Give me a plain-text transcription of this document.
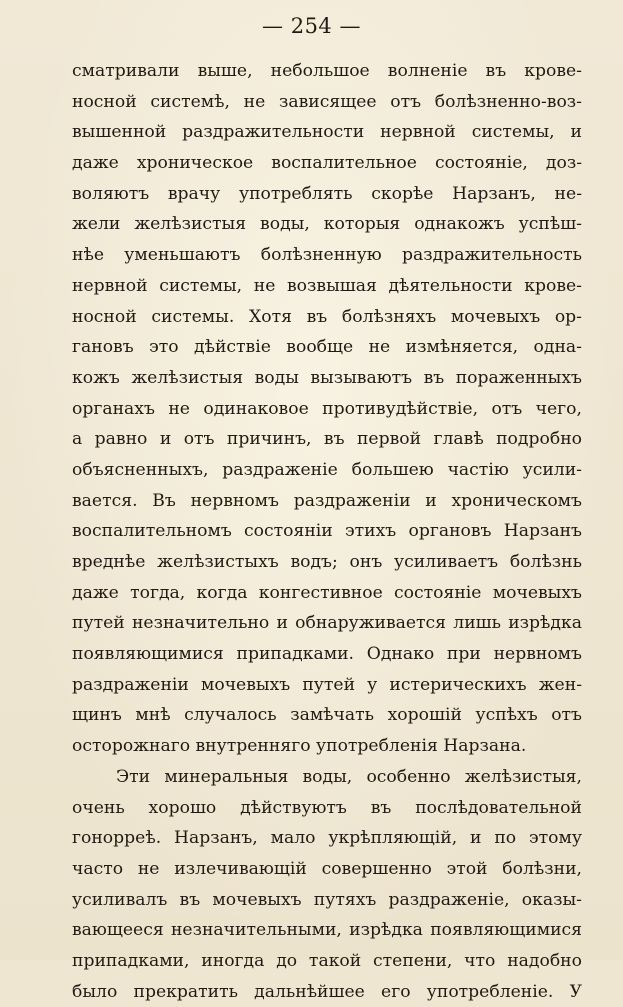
— 254 —
сматривали выше, небольшое волненіе въ крове-
носной системѣ, не зависящее отъ болѣзненно-воз-
вышенной раздражительности нервной системы, и
даже хроническое воспалительное состояніе, доз-
воляютъ врачу употреблять скорѣе Нарзанъ, не-
жели желѣзистыя воды, которыя однакожъ успѣш-
нѣе уменьшаютъ болѣзненную раздражительность
нервной системы, не возвышая дѣятельности крове-
носной системы. Хотя въ болѣзняхъ мочевыхъ ор-
гановъ это дѣйствіе вообще не измѣняется, одна-
кожъ желѣзистыя воды вызываютъ въ пораженныхъ
органахъ не одинаковое противудѣйствіе, отъ чего,
а равно и отъ причинъ, въ первой главѣ подробно
объясненныхъ, раздраженіе большею частію усили-
вается. Въ нервномъ раздраженіи и хроническомъ
воспалительномъ состояніи этихъ органовъ Нарзанъ
вреднѣе желѣзистыхъ водъ; онъ усиливаетъ болѣзнь
даже тогда, когда конгестивное состояніе мочевыхъ
путей незначительно и обнаруживается лишь изрѣдка
появляющимися припадками. Однако при нервномъ
раздраженіи мочевыхъ путей у истерическихъ жен-
щинъ мнѣ случалось замѣчать хорошій успѣхъ отъ
осторожнаго внутренняго употребленія Нарзана.
Эти минеральныя воды, особенно желѣзистыя,
очень хорошо дѣйствуютъ въ послѣдовательной
гонорреѣ. Нарзанъ, мало укрѣпляющій, и по этому
часто не излечивающій совершенно этой болѣзни,
усиливалъ въ мочевыхъ путяхъ раздраженіе, оказы-
вающееся незначительными, изрѣдка появляющимися
припадками, иногда до такой степени, что надобно
было прекратить дальнѣйшее его употребленіе. У
